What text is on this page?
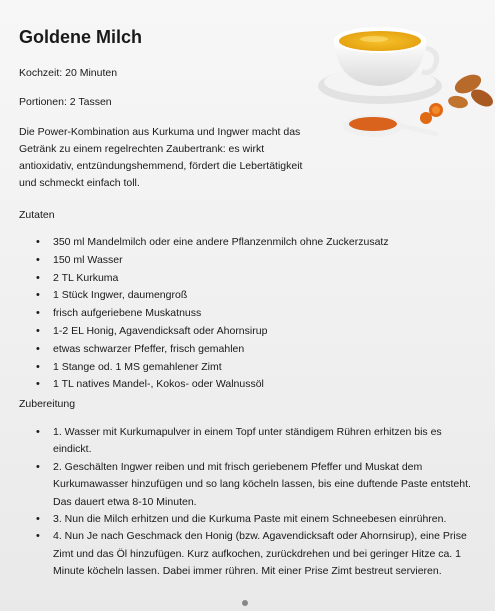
Goldene Milch
Kochzeit: 20 Minuten
Portionen: 2 Tassen
Die Power-Kombination aus Kurkuma und Ingwer macht das Getränk zu einem regelrechten Zaubertrank: es wirkt antioxidativ, entzündungshemmend, fördert die Lebertätigkeit und schmeckt einfach toll.
Zutaten
• 350 ml Mandelmilch oder eine andere Pflanzenmilch ohne Zuckerzusatz
• 150 ml Wasser
• 2 TL Kurkuma
• 1 Stück Ingwer, daumengroß
• frisch aufgeriebene Muskatnuss
• 1-2 EL Honig, Agavendicksaft oder Ahornsirup
• etwas schwarzer Pfeffer, frisch gemahlen
• 1 Stange od. 1 MS gemahlener Zimt
• 1 TL natives Mandel-, Kokos- oder Walnussöl
Zubereitung
• 1. Wasser mit Kurkumapulver in einem Topf unter ständigem Rühren erhitzen bis es eindickt.
• 2. Geschälten Ingwer reiben und mit frisch geriebenem Pfeffer und Muskat dem Kurkumawasser hinzufügen und so lang köcheln lassen, bis eine duftende Paste entsteht. Das dauert etwa 8-10 Minuten.
• 3. Nun die Milch erhitzen und die Kurkuma Paste mit einem Schneebesen einrühren.
• 4. Nun Je nach Geschmack den Honig (bzw. Agavendicksaft oder Ahornsirup), eine Prise Zimt und das Öl hinzufügen. Kurz aufkochen, zurückdrehen und bei geringer Hitze ca. 1 Minute köcheln lassen. Dabei immer rühren. Mit einer Prise Zimt bestreut servieren.
